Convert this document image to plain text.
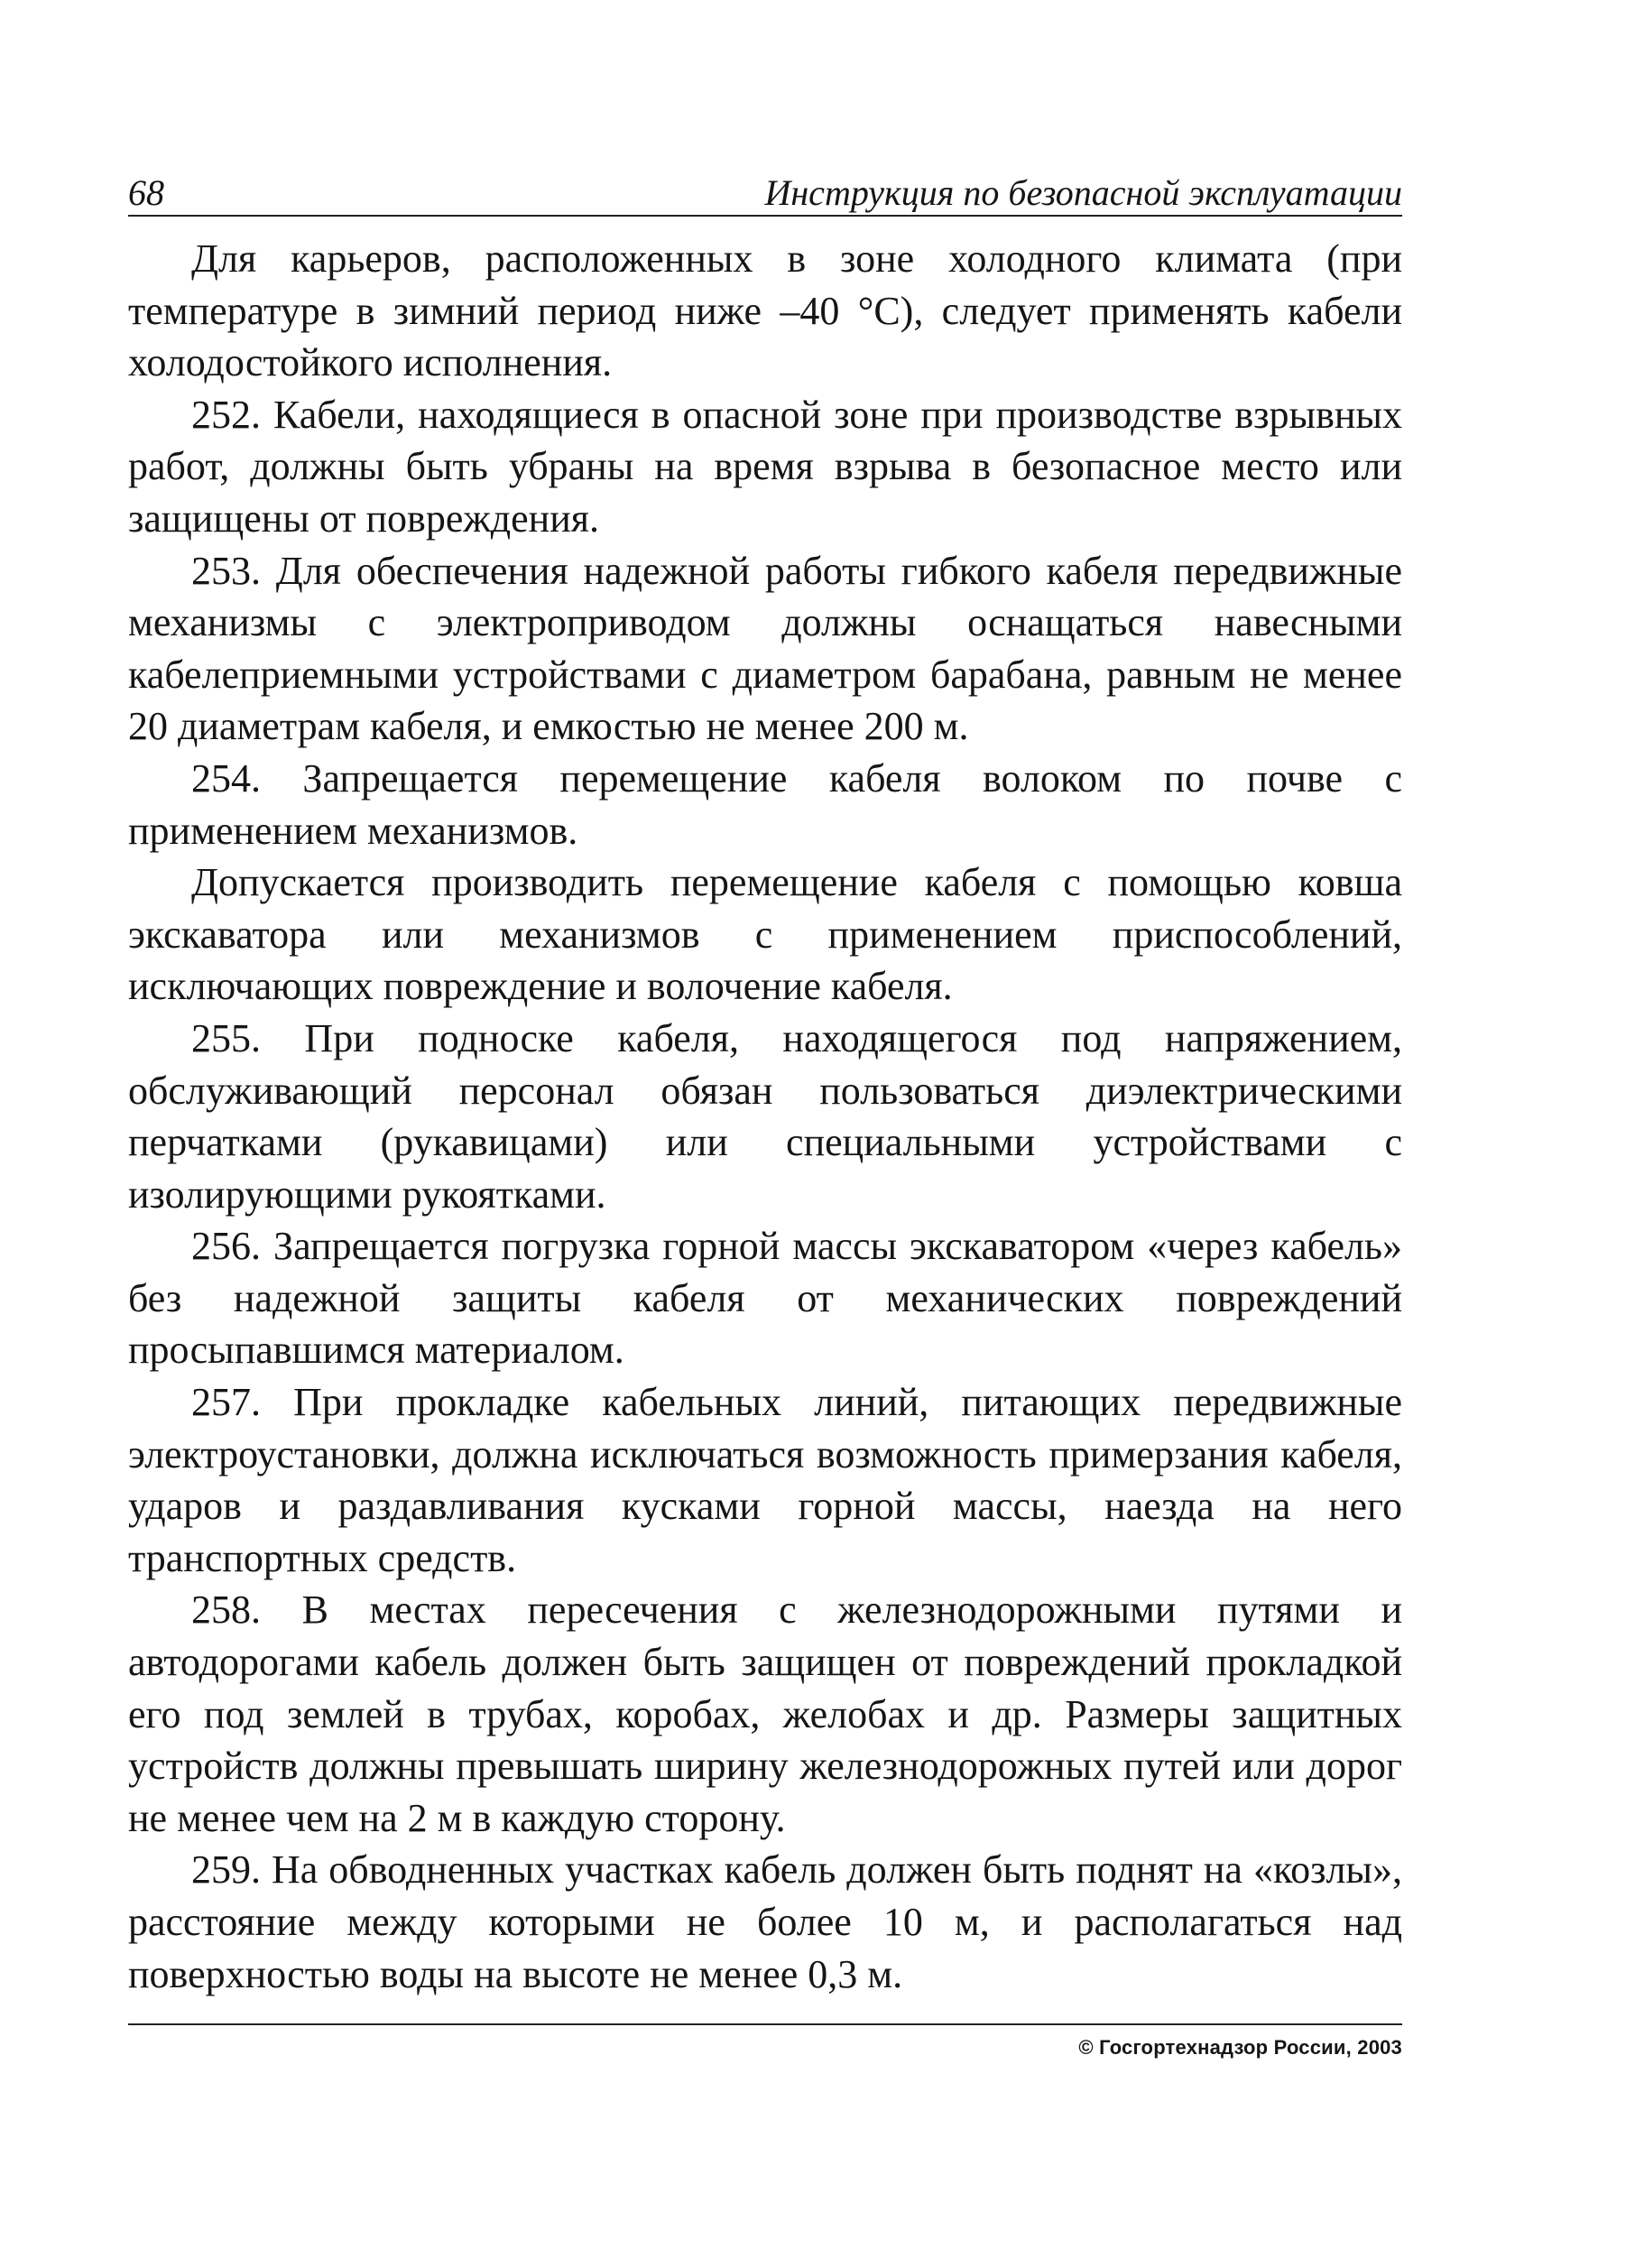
68	Инструкция по безопасной эксплуатации

Для карьеров, расположенных в зоне холодного климата (при температуре в зимний период ниже –40 °С), следует применять кабели холодостойкого исполнения.

252. Кабели, находящиеся в опасной зоне при производстве взрывных работ, должны быть убраны на время взрыва в безопасное место или защищены от повреждения.

253. Для обеспечения надежной работы гибкого кабеля передвижные механизмы с электроприводом должны оснащаться навесными кабелеприемными устройствами с диаметром барабана, равным не менее 20 диаметрам кабеля, и емкостью не менее 200 м.

254. Запрещается перемещение кабеля волоком по почве с применением механизмов.

Допускается производить перемещение кабеля с помощью ковша экскаватора или механизмов с применением приспособлений, исключающих повреждение и волочение кабеля.

255. При подноске кабеля, находящегося под напряжением, обслуживающий персонал обязан пользоваться диэлектрическими перчатками (рукавицами) или специальными устройствами с изолирующими рукоятками.

256. Запрещается погрузка горной массы экскаватором «через кабель» без надежной защиты кабеля от механических повреждений просыпавшимся материалом.

257. При прокладке кабельных линий, питающих передвижные электроустановки, должна исключаться возможность примерзания кабеля, ударов и раздавливания кусками горной массы, наезда на него транспортных средств.

258. В местах пересечения с железнодорожными путями и автодорогами кабель должен быть защищен от повреждений прокладкой его под землей в трубах, коробах, желобах и др. Размеры защитных устройств должны превышать ширину железнодорожных путей или дорог не менее чем на 2 м в каждую сторону.

259. На обводненных участках кабель должен быть поднят на «козлы», расстояние между которыми не более 10 м, и располагаться над поверхностью воды на высоте не менее 0,3 м.

© Госгортехнадзор России, 2003
